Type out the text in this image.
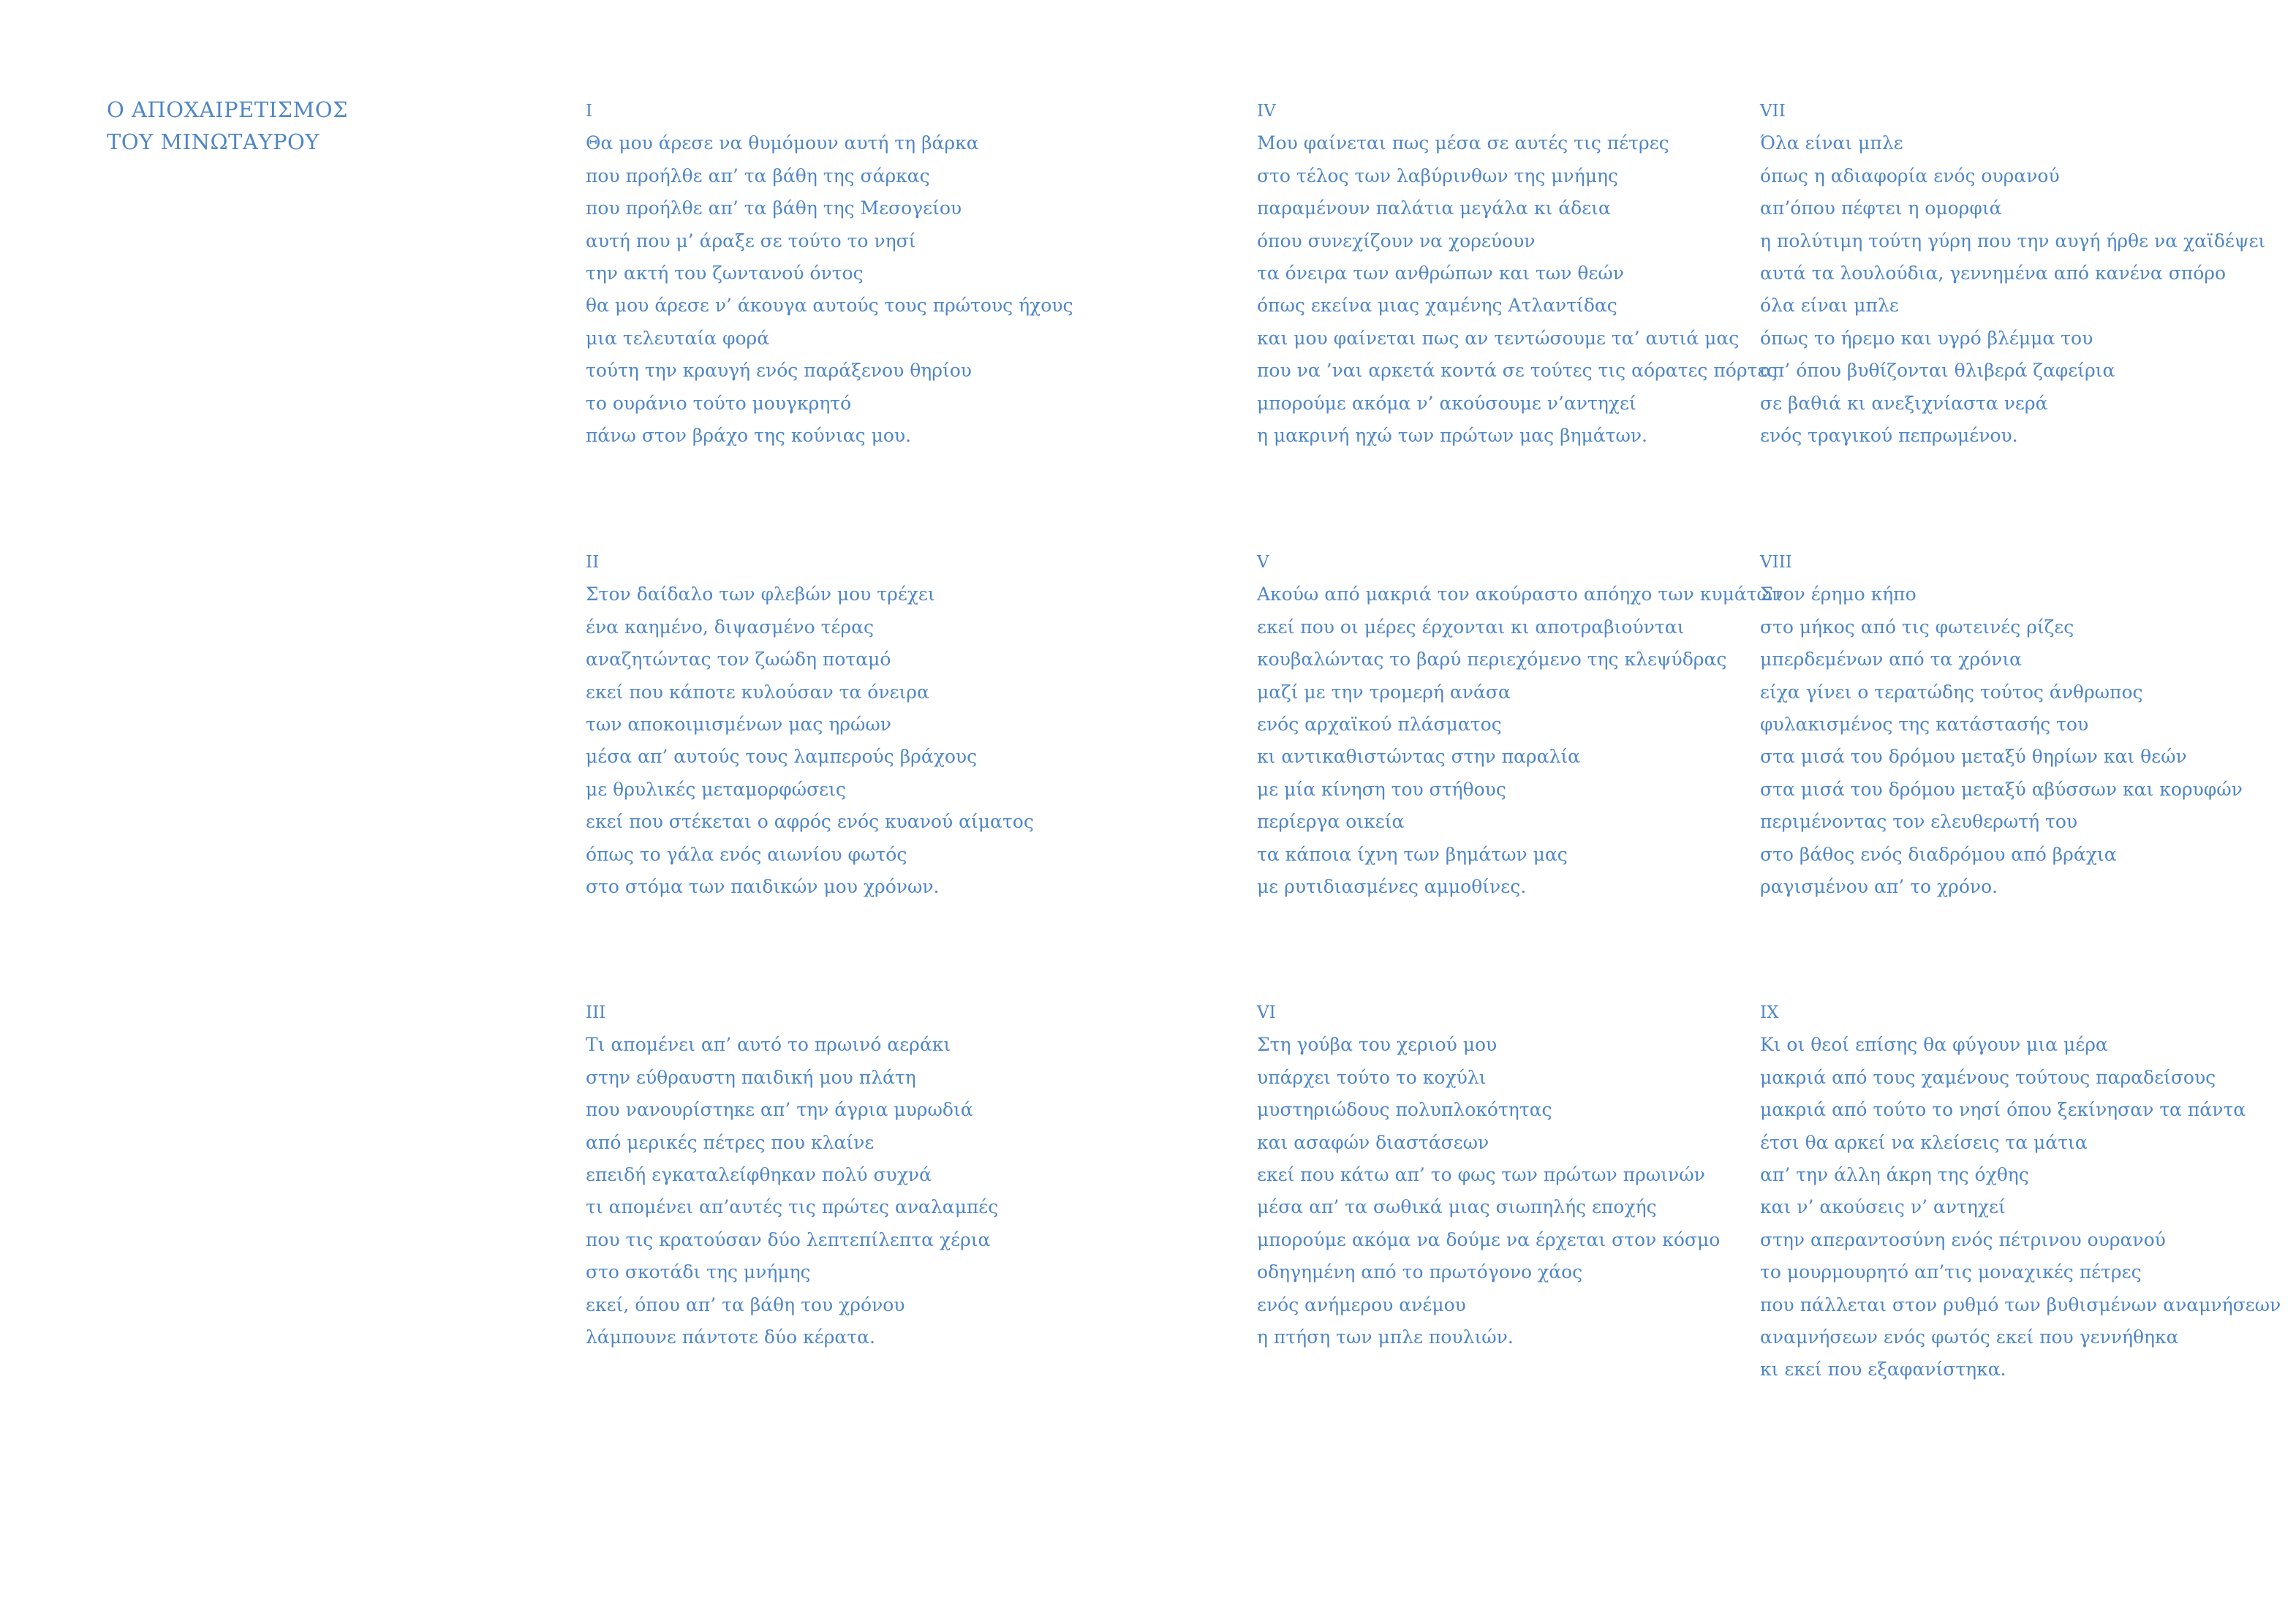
Ο ΑΠΟΧΑΙΡΕΤΙΣΜΟΣ
ΤΟΥ ΜΙΝΩΤΑΥΡΟΥ
I
Θα μου άρεσε να θυμόμουν αυτή τη βάρκα
που προήλθε απ’ τα βάθη της σάρκας
που προήλθε απ’ τα βάθη της Μεσογείου
αυτή που μ’ άραξε σε τούτο το νησί
την ακτή του ζωντανού όντος
θα μου άρεσε ν’ άκουγα αυτούς τους πρώτους ήχους
μια τελευταία φορά
τούτη την κραυγή ενός παράξενου θηρίου
το ουράνιο τούτο μουγκρητό
πάνω στον βράχο της κούνιας μου.
II
Στον δαίδαλο των φλεβών μου τρέχει
ένα καημένο, διψασμένο τέρας
αναζητώντας τον ζωώδη ποταμό
εκεί που κάποτε κυλούσαν τα όνειρα
των αποκοιμισμένων μας ηρώων
μέσα απ’ αυτούς τους λαμπερούς βράχους
με θρυλικές μεταμορφώσεις
εκεί που στέκεται ο αφρός ενός κυανού αίματος
όπως το γάλα ενός αιωνίου φωτός
στο στόμα των παιδικών μου χρόνων.
III
Τι απομένει απ’ αυτό το πρωινό αεράκι
στην εύθραυστη παιδική μου πλάτη
που νανουρίστηκε απ’ την άγρια μυρωδιά
από μερικές πέτρες που κλαίνε
επειδή εγκαταλείφθηκαν πολύ συχνά
τι απομένει απ’αυτές τις πρώτες αναλαμπές
που τις κρατούσαν δύο λεπτεπίλεπτα χέρια
στο σκοτάδι της μνήμης
εκεί, όπου απ’ τα βάθη του χρόνου
λάμπουνε πάντοτε δύο κέρατα.
IV
Μου φαίνεται πως μέσα σε αυτές τις πέτρες
στο τέλος των λαβύρινθων της μνήμης
παραμένουν παλάτια μεγάλα κι άδεια
όπου συνεχίζουν να χορεύουν
τα όνειρα των ανθρώπων και των θεών
όπως εκείνα μιας χαμένης Ατλαντίδας
και μου φαίνεται πως αν τεντώσουμε τα’ αυτιά μας
που να ’ναι αρκετά κοντά σε τούτες τις αόρατες πόρτες
μπορούμε ακόμα ν’ ακούσουμε ν’αντηχεί
η μακρινή ηχώ των πρώτων μας βημάτων.
V
Ακούω από μακριά τον ακούραστο απόηχο των κυμάτων
εκεί που οι μέρες έρχονται κι αποτραβιούνται
κουβαλώντας το βαρύ περιεχόμενο της κλεψύδρας
μαζί με την τρομερή ανάσα
ενός αρχαϊκού πλάσματος
κι αντικαθιστώντας στην παραλία
με μία κίνηση του στήθους
περίεργα οικεία
τα κάποια ίχνη των βημάτων μας
με ρυτιδιασμένες αμμοθίνες.
VI
Στη γούβα του χεριού μου
υπάρχει τούτο το κοχύλι
μυστηριώδους πολυπλοκότητας
και ασαφών διαστάσεων
εκεί που κάτω απ’ το φως των πρώτων πρωινών
μέσα απ’ τα σωθικά μιας σιωπηλής εποχής
μπορούμε ακόμα να δούμε να έρχεται στον κόσμο
οδηγημένη από το πρωτόγονο χάος
ενός ανήμερου ανέμου
η πτήση των μπλε πουλιών.
VII
Όλα είναι μπλε
όπως η αδιαφορία ενός ουρανού
απ’όπου πέφτει η ομορφιά
η πολύτιμη τούτη γύρη που την αυγή ήρθε να χαϊδέψει
αυτά τα λουλούδια, γεννημένα από κανένα σπόρο
όλα είναι μπλε
όπως το ήρεμο και υγρό βλέμμα του
απ’ όπου βυθίζονται θλιβερά ζαφείρια
σε βαθιά κι ανεξιχνίαστα νερά
ενός τραγικού πεπρωμένου.
VIII
Στον έρημο κήπο
στο μήκος από τις φωτεινές ρίζες
μπερδεμένων από τα χρόνια
είχα γίνει ο τερατώδης τούτος άνθρωπος
φυλακισμένος της κατάστασής του
στα μισά του δρόμου μεταξύ θηρίων και θεών
στα μισά του δρόμου μεταξύ αβύσσων και κορυφών
περιμένοντας τον ελευθερωτή του
στο βάθος ενός διαδρόμου από βράχια
ραγισμένου απ’ το χρόνο.
IX
Κι οι θεοί επίσης θα φύγουν μια μέρα
μακριά από τους χαμένους τούτους παραδείσους
μακριά από τούτο το νησί όπου ξεκίνησαν τα πάντα
έτσι θα αρκεί να κλείσεις τα μάτια
απ’ την άλλη άκρη της όχθης
και ν’ ακούσεις ν’ αντηχεί
στην απεραντοσύνη ενός πέτρινου ουρανού
το μουρμουρητό απ’τις μοναχικές πέτρες
που πάλλεται στον ρυθμό των βυθισμένων αναμνήσεων
αναμνήσεων ενός φωτός εκεί που γεννήθηκα
κι εκεί που εξαφανίστηκα.
